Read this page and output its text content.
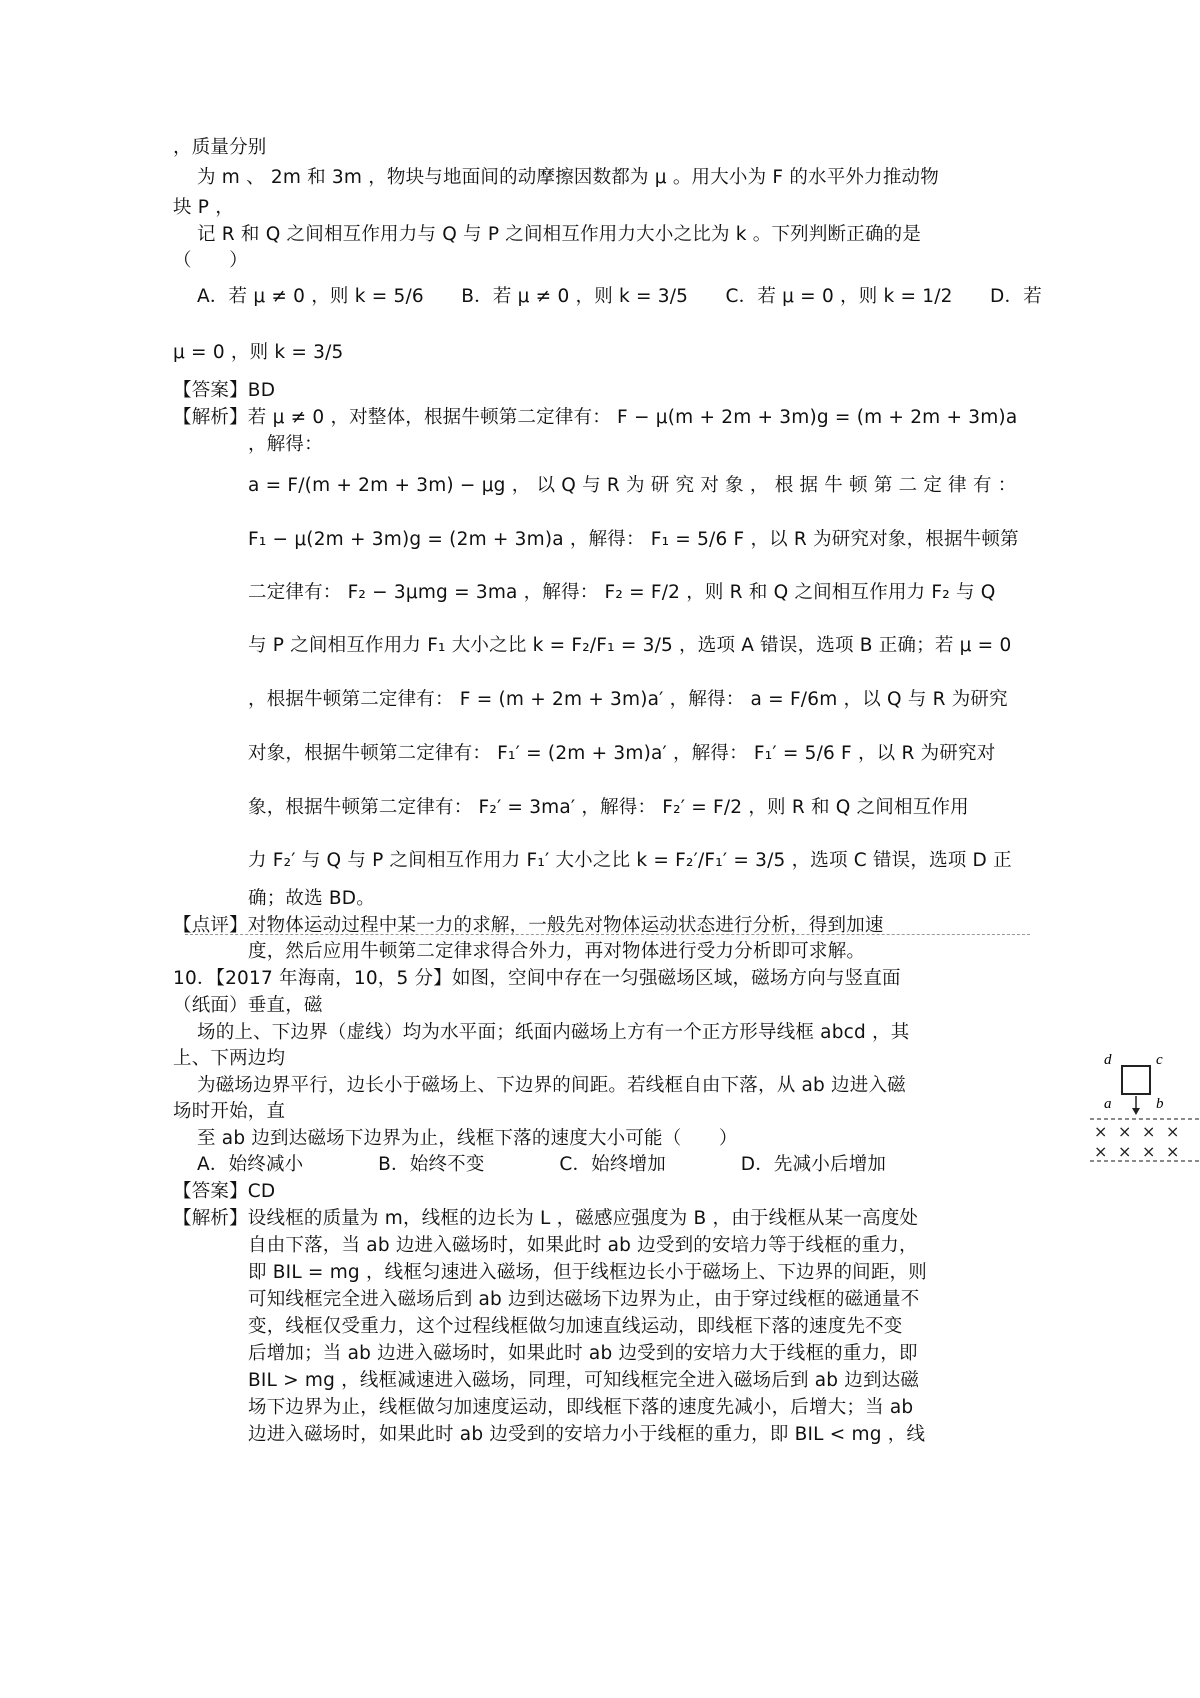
，质量分别
为 m 、 2m 和 3m ，物块与地面间的动摩擦因数都为 μ 。用大小为 F 的水平外力推动物
块 P ，
记 R 和 Q 之间相互作用力与 Q 与 P 之间相互作用力大小之比为 k 。下列判断正确的是
（　　）
A．若 μ ≠ 0 ，则 k = 5/6　　B．若 μ ≠ 0 ，则 k = 3/5　　C．若 μ = 0 ，则 k = 1/2　　D．若
μ = 0 ，则 k = 3/5
【答案】BD
【解析】若 μ ≠ 0 ，对整体，根据牛顿第二定律有： F − μ(m + 2m + 3m)g = (m + 2m + 3m)a
，解得：
a = F/(m + 2m + 3m) − μg ， 以 Q 与 R 为 研 究 对 象 ， 根 据 牛 顿 第 二 定 律 有 ：
F₁ − μ(2m + 3m)g = (2m + 3m)a ，解得： F₁ = 5/6 F ，以 R 为研究对象，根据牛顿第
二定律有： F₂ − 3μmg = 3ma ，解得： F₂ = F/2 ，则 R 和 Q 之间相互作用力 F₂ 与 Q
与 P 之间相互作用力 F₁ 大小之比 k = F₂/F₁ = 3/5 ，选项 A 错误，选项 B 正确；若 μ = 0
，根据牛顿第二定律有： F = (m + 2m + 3m)a′ ，解得： a = F/6m ，以 Q 与 R 为研究
对象，根据牛顿第二定律有： F₁′ = (2m + 3m)a′ ，解得： F₁′ = 5/6 F ，以 R 为研究对
象，根据牛顿第二定律有： F₂′ = 3ma′ ，解得： F₂′ = F/2 ，则 R 和 Q 之间相互作用
力 F₂′ 与 Q 与 P 之间相互作用力 F₁′ 大小之比 k = F₂′/F₁′ = 3/5 ，选项 C 错误，选项 D 正
确；故选 BD。
【点评】对物体运动过程中某一力的求解，一般先对物体运动状态进行分析，得到加速
度，然后应用牛顿第二定律求得合外力，再对物体进行受力分析即可求解。
10．【2017 年海南，10，5 分】如图，空间中存在一匀强磁场区域，磁场方向与竖直面
（纸面）垂直，磁
场的上、下边界（虚线）均为水平面；纸面内磁场上方有一个正方形导线框 abcd ，其
上、下两边均
为磁场边界平行，边长小于磁场上、下边界的间距。若线框自由下落，从 ab 边进入磁
场时开始，直
至 ab 边到达磁场下边界为止，线框下落的速度大小可能（　　）
A．始终减小　　　　B．始终不变　　　　C．始终增加　　　　D．先减小后增加
【答案】CD
【解析】设线框的质量为 m，线框的边长为 L ，磁感应强度为 B ，由于线框从某一高度处
自由下落，当 ab 边进入磁场时，如果此时 ab 边受到的安培力等于线框的重力，
即 BIL = mg ，线框匀速进入磁场，但于线框边长小于磁场上、下边界的间距，则
可知线框完全进入磁场后到 ab 边到达磁场下边界为止，由于穿过线框的磁通量不
变，线框仅受重力，这个过程线框做匀加速直线运动，即线框下落的速度先不变
后增加；当 ab 边进入磁场时，如果此时 ab 边受到的安培力大于线框的重力，即
BIL > mg ，线框减速进入磁场，同理，可知线框完全进入磁场后到 ab 边到达磁
场下边界为止，线框做匀加速度运动，即线框下落的速度先减小，后增大；当 ab
边进入磁场时，如果此时 ab 边受到的安培力小于线框的重力，即 BIL < mg ，线
d	c
a	b
× × × ×
× × × ×
